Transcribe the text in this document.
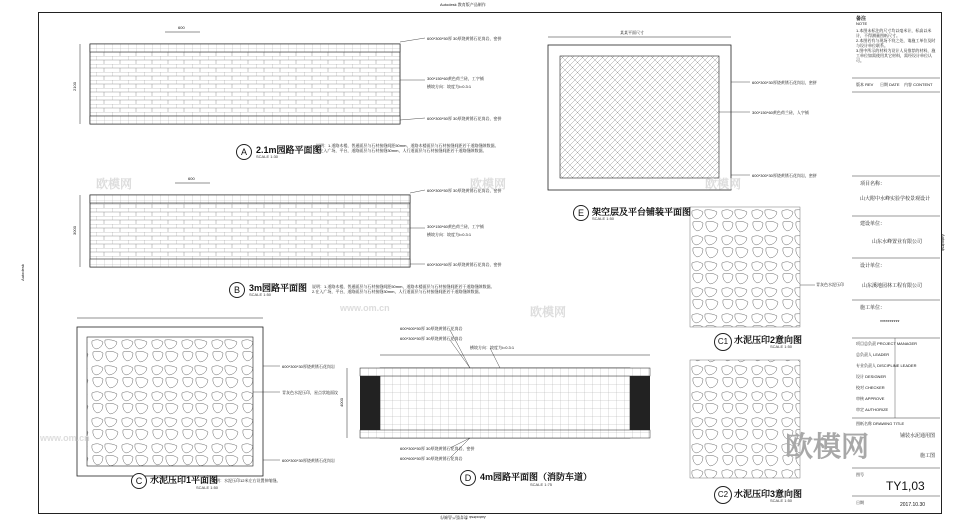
Autodesk 教育版产品制作
Autodesk 教育版产品制作
Autodesk
Autodesk
600
2100
600*300*50厚 30厚烧黄锈石花岗岩，密拼
300*150*60黄色荷兰砖，工字铺
横坡方向：坡度为i=0.3:1
600*300*50厚 30厚烧黄锈石花岗岩，密拼
A	2.1m园路平面图
SCALE 1:30
说明：1.道路木楼，普通面层与石材接缝间距50mm，道路木楼面层与石材接缝间距若干道路缝隙数据。
2.在入广场，平台，道路面层与石材接缝30mm，人行道面层与石材接缝间距若干道路缝隙数据。
600
3000
600*300*50厚 30厚烧黄锈石花岗岩，密拼
300*150*60黄色荷兰砖，工字铺
横坡方向：坡度为i=0.3:1
600*300*50厚 30厚烧黄锈石花岗岩，密拼
B	3m园路平面图
SCALE 1:50
说明：1.道路木楼，普通面层与石材接缝间距50mm，道路木楼面层与石材接缝间距若干道路缝隙数据。
2.在入广场，平台，道路面层与石材接缝30mm，人行道面层与石材接缝间距若干道路缝隙数据。
某某平面尺寸
600*300*30厚烧黄锈石花岗岩，密拼
300*150*60黄色荷兰砖，人字铺
600*300*30厚烧黄锈石花岗岩，密拼
E 架空层及平台铺装平面图
SCALE 1:50
600*300*30厚烧黄锈石花岗岩
青灰色水泥压印，星点状地面纹
600*300*30厚烧黄锈石花岗岩
C 水泥压印1平面图
SCALE 1:50
说明：水泥压印12米左右设置伸缩缝。
青灰色水泥压印
C1 水泥压印2意向图
SCALE 1:50
C2 水泥压印3意向图
SCALE 1:50
4000
600*600*50厚 30厚烧黄锈石花岗岩
600*300*50厚 30厚烧黄锈石花岗岩
横坡方向：坡度为i=0.3:1
600*300*50厚 30厚烧黄锈石花岗岩，密拼
600*600*50厚 30厚烧黄锈石花岗岩
D 4m园路平面图（消防车道）
SCALE 1:75
备注
NOTE
1.本图未标注的尺寸均以毫米计，标高以米计，不得测量图纸尺寸。
2.本图若有与现场不符之处，请施工单位及时与设计单位联系。
3.图中所示的材料为设计人员推荐的材料，施工单位如需使用其它材料，需经设计单位认可。
版本 REV 日期 DATE 内容 CONTENT
项目名称：
山大附中水峰实验学校景观设计
建设单位：
山东水峰置业有限公司
设计单位：
山东溪地园林工程有限公司
施工单位：
**********
项目总负责 PROJECT MANAGER
总负责人 LEADER
专业负责人 DISCIPLINE LEADER
设计 DESIGNER
校对 CHECKER
审核 APPROVE
审定 AUTHORIZE
图纸名称 DRAWING TITLE
铺装水泥通用图
施工图
图号
TY1,03
日期	2017.10.30
欧模网
欧模网	欧模网	欧模网
www.om.cn
www.om.cn
欧模网
